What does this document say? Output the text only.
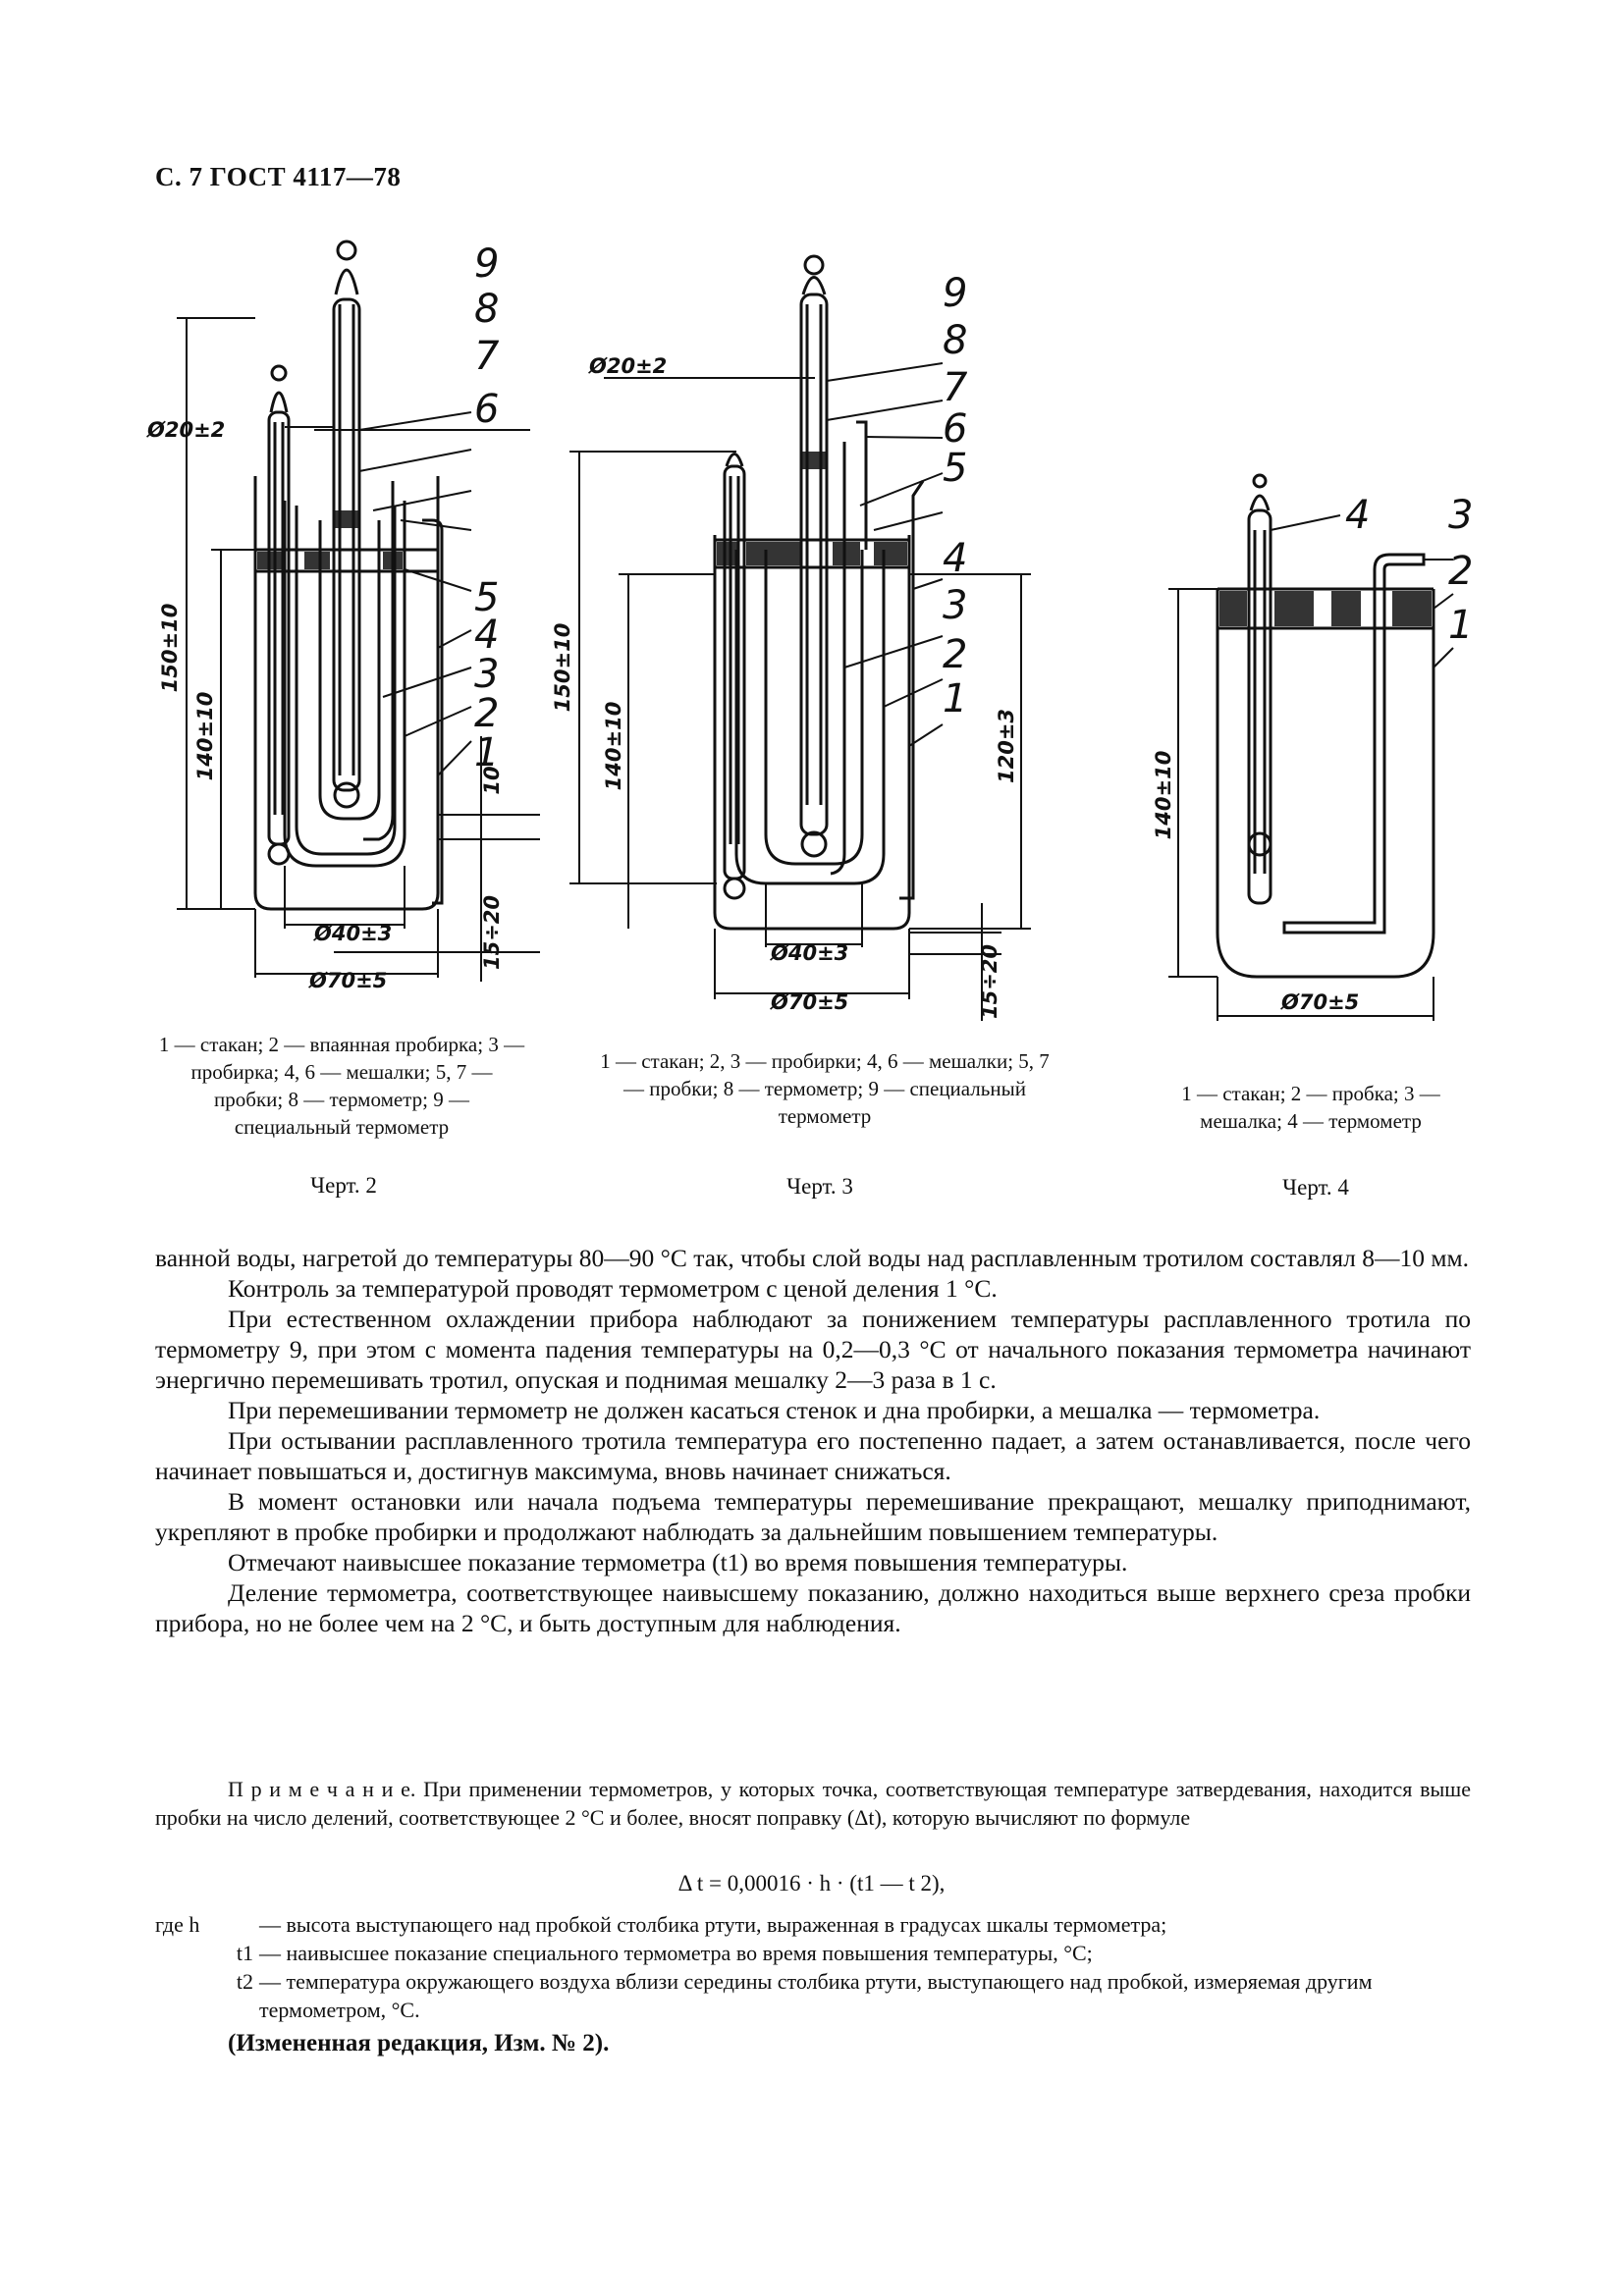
С. 7 ГОСТ 4117—78
Ø20±2
150±10
140±10	10
15÷20
Ø40±3
Ø70±5
9
8
7
6
5
4
3
2
1
1 — стакан; 2 — впаянная пробирка; 3 — пробирка; 4, 6 — мешалки; 5, 7 — пробки; 8 — термометр; 9 — специальный термометр
Черт. 2
Ø20±2
150±10
140±10	120±3
15÷20
Ø40±3
Ø70±5
9
8
7
6
5
4
3
2
1
1 — стакан; 2, 3 — пробирки; 4, 6 — мешалки; 5, 7 — пробки; 8 — термометр; 9 — специальный термометр
Черт. 3
140±10
Ø70±5
4 3
2
1
1 — стакан; 2 — пробка; 3 — мешалка; 4 — термометр
Черт. 4

ванной воды, нагретой до температуры 80—90 °С так, чтобы слой воды над расплавленным тротилом составлял 8—10 мм.

Контроль за температурой проводят термометром с ценой деления 1 °С.

При естественном охлаждении прибора наблюдают за понижением температуры расплавленного тротила по термометру 9, при этом с момента падения температуры на 0,2—0,3 °С от начального показания термометра начинают энергично перемешивать тротил, опуская и поднимая мешалку 2—3 раза в 1 с.

При перемешивании термометр не должен касаться стенок и дна пробирки, а мешалка — термометра.

При остывании расплавленного тротила температура его постепенно падает, а затем останавливается, после чего начинает повышаться и, достигнув максимума, вновь начинает снижаться.

В момент остановки или начала подъема температуры перемешивание прекращают, мешалку приподнимают, укрепляют в пробке пробирки и продолжают наблюдать за дальнейшим повышением температуры.

Отмечают наивысшее показание термометра (t1) во время повышения температуры.

Деление термометра, соответствующее наивысшему показанию, должно находиться выше верхнего среза пробки прибора, но не более чем на 2 °С, и быть доступным для наблюдения.

П р и м е ч а н и е. При применении термометров, у которых точка, соответствующая температуре затвердевания, находится выше пробки на число делений, соответствующее 2 °С и более, вносят поправку (Δt), которую вычисляют по формуле
Δ t = 0,00016 · h · (t1 — t 2),
где h	— высота выступающего над пробкой столбика ртути, выраженная в градусах шкалы термометра;
t1 — наивысшее показание специального термометра во время повышения температуры, °С;
t2 — температура окружающего воздуха вблизи середины столбика ртути, выступающего над пробкой, измеряемая другим термометром, °С.
(Измененная редакция, Изм. № 2).
